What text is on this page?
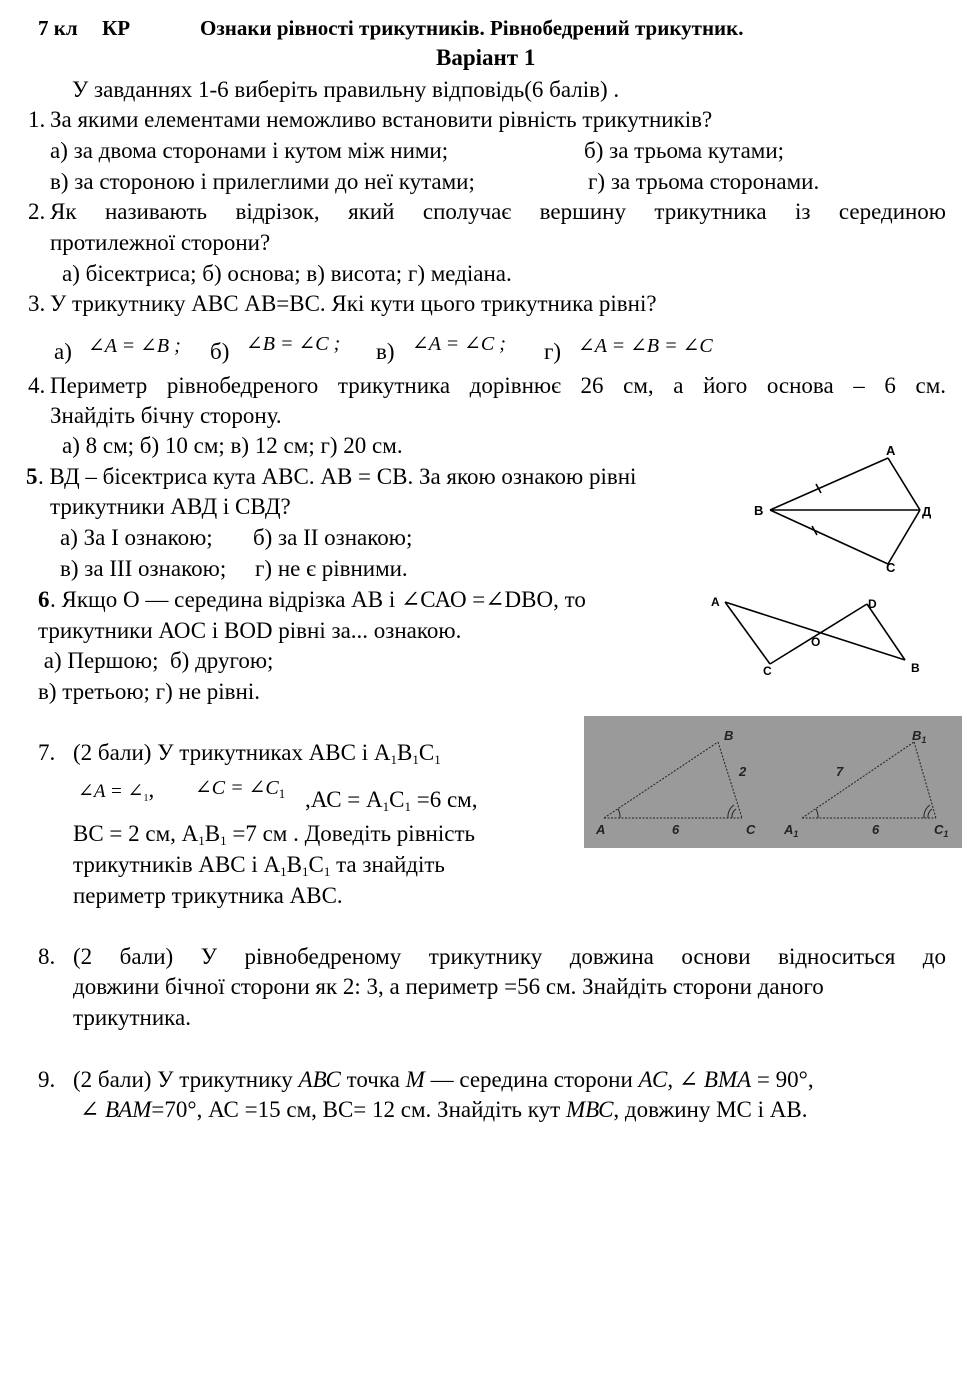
7 кл КР	Ознаки рівності трикутників. Рівнобедрений трикутник.
Варіант 1
У завданнях 1-6 виберіть правильну відповідь(6 балів) .
1. За якими елементами неможливо встановити рівність трикутників?
а) за двома сторонами і кутом між ними;	б) за трьома кутами;
в) за стороною і прилеглими до неї кутами;	г) за трьома сторонами.
2. Як називають відрізок, який сполучає вершину трикутника із серединою
протилежної сторони?
а) бісектриса; б) основа; в) висота; г) медіана.
3. У трикутнику АВС АВ=ВС. Які кути цього трикутника рівні?
а) ∠A = ∠B ; б) ∠B = ∠C ; в) ∠A = ∠C ; г) ∠A = ∠B = ∠C
4. Периметр рівнобедреного трикутника дорівнює 26 см, а його основа – 6 см.
Знайдіть бічну сторону.
а) 8 см; б) 10 см; в) 12 см; г) 20 см.
5 . ВД – бісектриса кута АВС. АВ = СВ. За якою ознакою рівні
трикутники АВД і СВД?
а) За І ознакою;       б) за ІІ ознакою;
в) за ІІІ ознакою;     г) не є рівними.
А
В
С
Д
6 . Якщо О — середина відрізка АВ і ∠САО =∠DВО, то
трикутники АОС і ВОD рівні за... ознакою.
а) Першою;  б) другою;
в) третьою; г) не рівні.
A	D
O
C	B
7. (2 бали) У трикутниках АВС і $А_1В_1С_1$
∠A = $\angle_1$, ∠C = $\angle C_1$ $,АС = А_1С_1 =6$ см,
ВС = 2 см, $А_1В_1 =7$ см . Доведіть рівність
трикутників АВС і $А_1В_1С_1$ та знайдіть
периметр трикутника АВС.
B
2
A	6	C
$B_1$
7
$A_1$	6	$C_1$
8. (2 бали) У рівнобедреному трикутнику довжина основи відноситься до
довжини бічної сторони як 2: 3, а периметр =56 см. Знайдіть сторони даного
трикутника.
9. (2 бали) У трикутнику АВС точка М — середина сторони АС, ∠ ВМА = 90°,
∠ ВАМ=70°, АС =15 см, ВС= 12 см. Знайдіть кут МВС, довжину МС і АВ.
